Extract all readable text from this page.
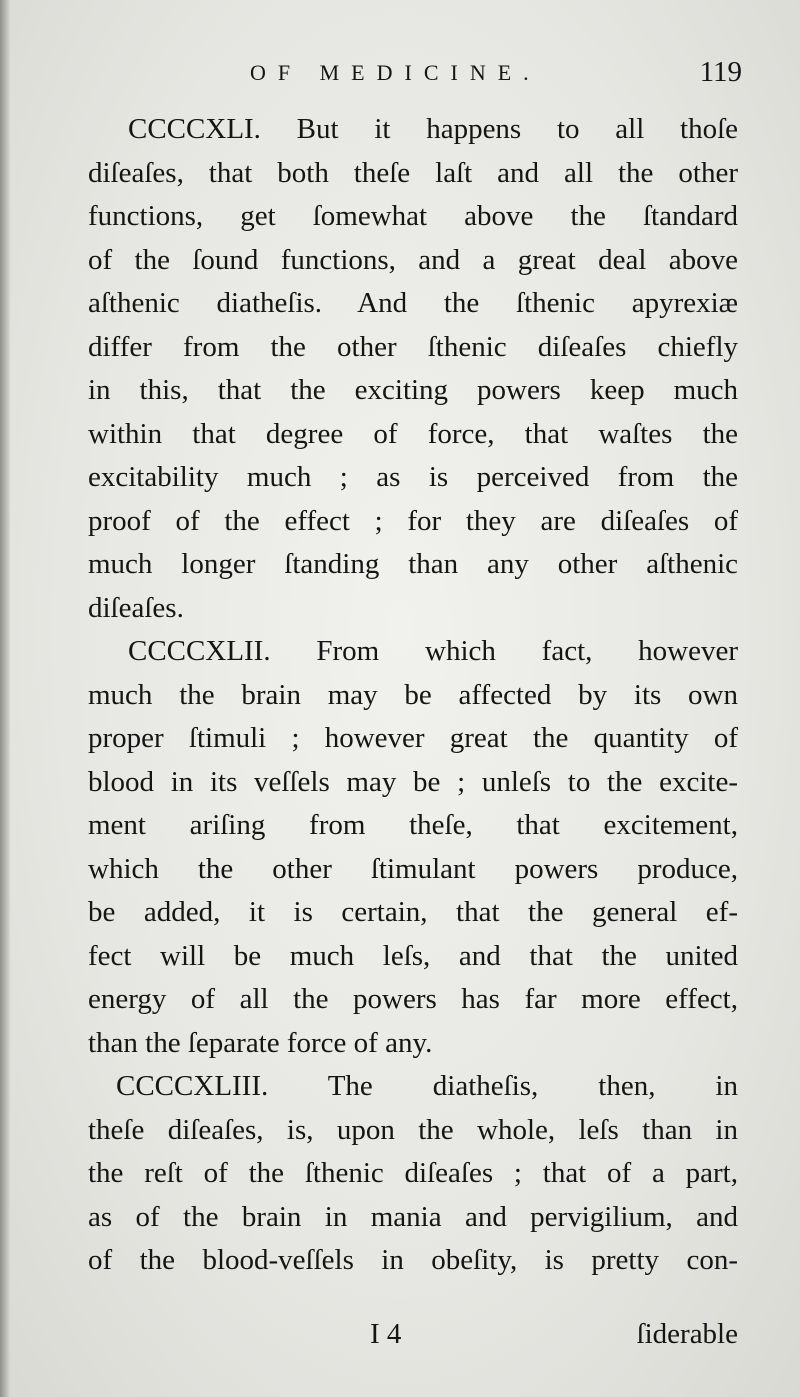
OF MEDICINE.	119
CCCCXLI. But it happens to all thoſe
diſeaſes, that both theſe laſt and all the other
functions, get ſomewhat above the ſtandard
of the ſound functions, and a great deal above
aſthenic diatheſis. And the ſthenic apyrexiæ
differ from the other ſthenic diſeaſes chiefly
in this, that the exciting powers keep much
within that degree of force, that waſtes the
excitability much ; as is perceived from the
proof of the effect ; for they are diſeaſes of
much longer ſtanding than any other aſthenic
diſeaſes.
CCCCXLII. From which fact, however
much the brain may be affected by its own
proper ſtimuli ; however great the quantity of
blood in its veſſels may be ; unleſs to the excite-
ment ariſing from theſe, that excitement,
which the other ſtimulant powers produce,
be added, it is certain, that the general ef-
fect will be much leſs, and that the united
energy of all the powers has far more effect,
than the ſeparate force of any.
CCCCXLIII. The diatheſis, then, in
theſe diſeaſes, is, upon the whole, leſs than in
the reſt of the ſthenic diſeaſes ; that of a part,
as of the brain in mania and pervigilium, and
of the blood-veſſels in obeſity, is pretty con-
I 4	ſiderable
